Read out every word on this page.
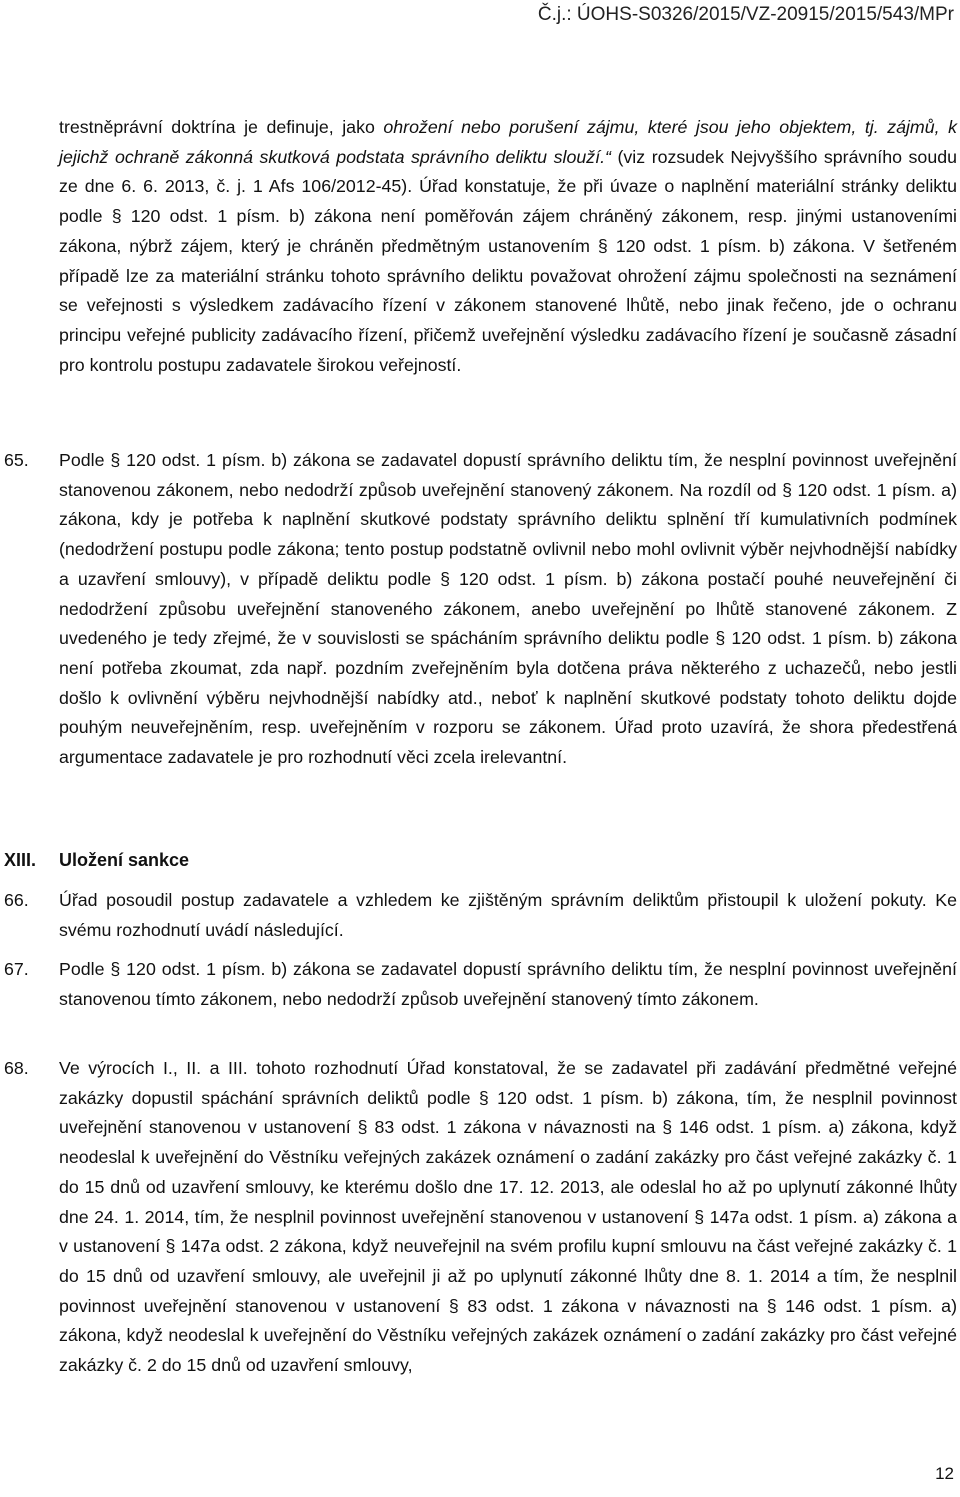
Č.j.: ÚOHS-S0326/2015/VZ-20915/2015/543/MPr
trestněprávní doktrína je definuje, jako ohrožení nebo porušení zájmu, které jsou jeho objektem, tj. zájmů, k jejichž ochraně zákonná skutková podstata správního deliktu slouží.“ (viz rozsudek Nejvyššího správního soudu ze dne 6. 6. 2013, č. j. 1 Afs 106/2012-45). Úřad konstatuje, že při úvaze o naplnění materiální stránky deliktu podle § 120 odst. 1 písm. b) zákona není poměřován zájem chráněný zákonem, resp. jinými ustanoveními zákona, nýbrž zájem, který je chráněn předmětným ustanovením § 120 odst. 1 písm. b) zákona. V šetřeném případě lze za materiální stránku tohoto správního deliktu považovat ohrožení zájmu společnosti na seznámení se veřejnosti s výsledkem zadávacího řízení v zákonem stanovené lhůtě, nebo jinak řečeno, jde o ochranu principu veřejné publicity zadávacího řízení, přičemž uveřejnění výsledku zadávacího řízení je současně zásadní pro kontrolu postupu zadavatele širokou veřejností.
65. Podle § 120 odst. 1 písm. b) zákona se zadavatel dopustí správního deliktu tím, že nesplní povinnost uveřejnění stanovenou zákonem, nebo nedodrží způsob uveřejnění stanovený zákonem. Na rozdíl od § 120 odst. 1 písm. a) zákona, kdy je potřeba k naplnění skutkové podstaty správního deliktu splnění tří kumulativních podmínek (nedodržení postupu podle zákona; tento postup podstatně ovlivnil nebo mohl ovlivnit výběr nejvhodnější nabídky a uzavření smlouvy), v případě deliktu podle § 120 odst. 1 písm. b) zákona postačí pouhé neuveřejnění či nedodržení způsobu uveřejnění stanoveného zákonem, anebo uveřejnění po lhůtě stanovené zákonem. Z uvedeného je tedy zřejmé, že v souvislosti se spácháním správního deliktu podle § 120 odst. 1 písm. b) zákona není potřeba zkoumat, zda např. pozdním zveřejněním byla dotčena práva některého z uchazečů, nebo jestli došlo k ovlivnění výběru nejvhodnější nabídky atd., neboť k naplnění skutkové podstaty tohoto deliktu dojde pouhým neuveřejněním, resp. uveřejněním v rozporu se zákonem. Úřad proto uzavírá, že shora předestřená argumentace zadavatele je pro rozhodnutí věci zcela irelevantní.
XIII. Uložení sankce
66. Úřad posoudil postup zadavatele a vzhledem ke zjištěným správním deliktům přistoupil k uložení pokuty. Ke svému rozhodnutí uvádí následující.
67. Podle § 120 odst. 1 písm. b) zákona se zadavatel dopustí správního deliktu tím, že nesplní povinnost uveřejnění stanovenou tímto zákonem, nebo nedodrží způsob uveřejnění stanovený tímto zákonem.
68. Ve výrocích I., II. a III. tohoto rozhodnutí Úřad konstatoval, že se zadavatel při zadávání předmětné veřejné zakázky dopustil spáchání správních deliktů podle § 120 odst. 1 písm. b) zákona, tím, že nesplnil povinnost uveřejnění stanovenou v ustanovení § 83 odst. 1 zákona v návaznosti na § 146 odst. 1 písm. a) zákona, když neodeslal k uveřejnění do Věstníku veřejných zakázek oznámení o zadání zakázky pro část veřejné zakázky č. 1 do 15 dnů od uzavření smlouvy, ke kterému došlo dne 17. 12. 2013, ale odeslal ho až po uplynutí zákonné lhůty dne 24. 1. 2014, tím, že nesplnil povinnost uveřejnění stanovenou v ustanovení § 147a odst. 1 písm. a) zákona a v ustanovení § 147a odst. 2 zákona, když neuveřejnil na svém profilu kupní smlouvu na část veřejné zakázky č. 1 do 15 dnů od uzavření smlouvy, ale uveřejnil ji až po uplynutí zákonné lhůty dne 8. 1. 2014 a tím, že nesplnil povinnost uveřejnění stanovenou v ustanovení § 83 odst. 1 zákona v návaznosti na § 146 odst. 1 písm. a) zákona, když neodeslal k uveřejnění do Věstníku veřejných zakázek oznámení o zadání zakázky pro část veřejné zakázky č. 2 do 15 dnů od uzavření smlouvy,
12
